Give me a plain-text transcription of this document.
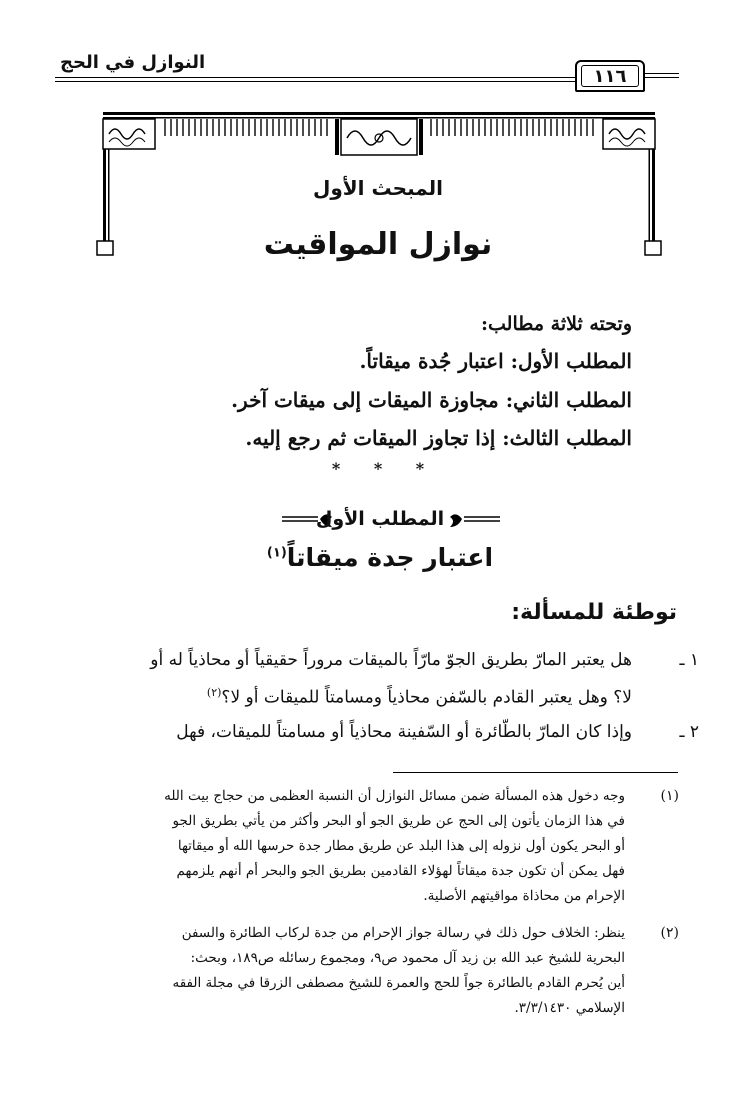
النوازل في الحج
١١٦
المبحث الأول
نوازل المواقيت
وتحته ثلاثة مطالب:
المطلب الأول: اعتبار جُدة ميقاتاً.
المطلب الثاني: مجاوزة الميقات إلى ميقات آخر.
المطلب الثالث: إذا تجاوز الميقات ثم رجع إليه.
* * *
المطلب الأول
اعتبار جدة ميقاتاً$^{(١)}$
توطئة للمسألة:
١ ـ
هل يعتبر المارّ بطريق الجوّ مارّاً بالميقات مروراً حقيقياً أو محاذياً له أو
لا؟ وهل يعتبر القادم بالسّفن محاذياً ومسامتاً للميقات أو لا؟$^{(٢)}$
٢ ـ
وإذا كان المارّ بالطّائرة أو السّفينة محاذياً أو مسامتاً للميقات، فهل
(١)
وجه دخول هذه المسألة ضمن مسائل النوازل أن النسبة العظمى من حجاج بيت الله
في هذا الزمان يأتون إلى الحج عن طريق الجو أو البحر وأكثر من يأتي بطريق الجو
أو البحر يكون أول نزوله إلى هذا البلد عن طريق مطار جدة حرسها الله أو ميقاتها
فهل يمكن أن تكون جدة ميقاتاً لهؤلاء القادمين بطريق الجو والبحر أم أنهم يلزمهم
الإحرام من محاذاة مواقيتهم الأصلية.
(٢)
ينظر: الخلاف حول ذلك في رسالة جواز الإحرام من جدة لركاب الطائرة والسفن
البحرية للشيخ عبد الله بن زيد آل محمود ص٩، ومجموع رسائله ص١٨٩، وبحث:
أين يُحرم القادم بالطائرة جواً للحج والعمرة للشيخ مصطفى الزرقا في مجلة الفقه
الإسلامي ٣/٣/١٤٣٠.
